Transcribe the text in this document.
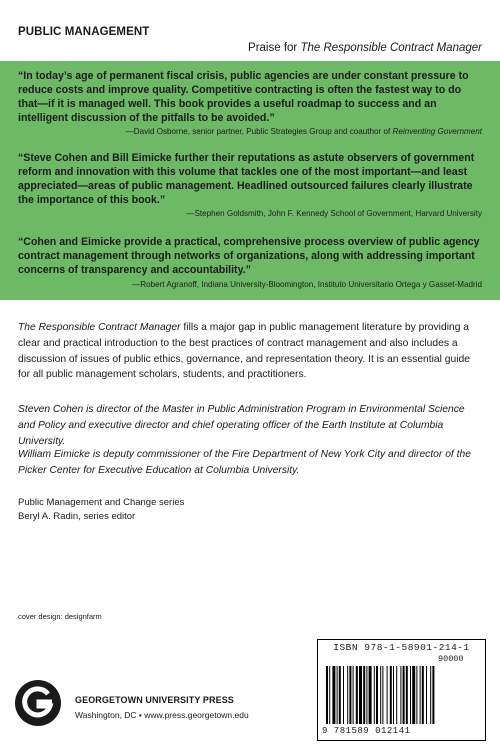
PUBLIC MANAGEMENT
Praise for The Responsible Contract Manager
“In today’s age of permanent fiscal crisis, public agencies are under constant pressure to reduce costs and improve quality. Competitive contracting is often the fastest way to do that—if it is managed well. This book provides a useful roadmap to success and an intelligent discussion of the pitfalls to be avoided.”
—David Osborne, senior partner, Public Strategies Group and coauthor of Reinventing Government
“Steve Cohen and Bill Eimicke further their reputations as astute observers of government reform and innovation with this volume that tackles one of the most important—and least appreciated—areas of public management. Headlined outsourced failures clearly illustrate the importance of this book.”
—Stephen Goldsmith, John F. Kennedy School of Government, Harvard University
“Cohen and Eimicke provide a practical, comprehensive process overview of public agency contract management through networks of organizations, along with addressing important concerns of transparency and accountability.”
—Robert Agranoff, Indiana University-Bloomington, Instituto Universitario Ortega y Gasset-Madrid
The Responsible Contract Manager fills a major gap in public management literature by providing a clear and practical introduction to the best practices of contract management and also includes a discussion of issues of public ethics, governance, and representation theory. It is an essential guide for all public management scholars, students, and practitioners.
Steven Cohen is director of the Master in Public Administration Program in Environmental Science and Policy and executive director and chief operating officer of the Earth Institute at Columbia University.
William Eimicke is deputy commissioner of the Fire Department of New York City and director of the Picker Center for Executive Education at Columbia University.
Public Management and Change series
Beryl A. Radin, series editor
cover design: designfarm
GEORGETOWN UNIVERSITY PRESS
Washington, DC • www.press.georgetown.edu
ISBN 978-1-58901-214-1
90000
9 781589 012141
